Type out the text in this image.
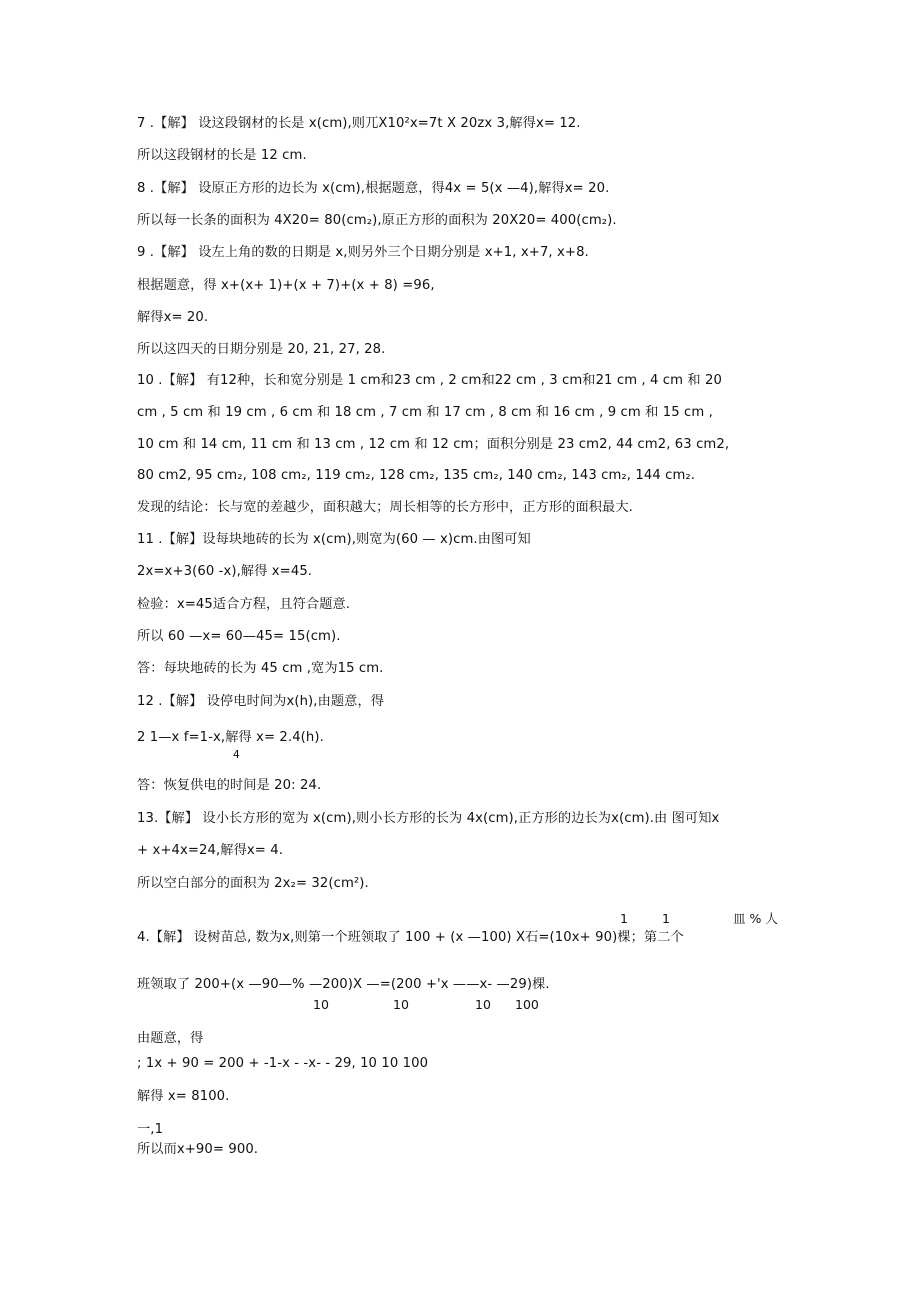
7 .【解】 设这段钢材的长是 x(cm),则兀X10²x=7t X 20zx 3,解得x= 12.
所以这段钢材的长是 12 cm.
8 .【解】 设原正方形的边长为 x(cm),根据题意，得4x = 5(x —4),解得x= 20.
所以每一长条的面积为 4X20= 80(cm₂),原正方形的面积为 20X20= 400(cm₂).
9 .【解】 设左上角的数的日期是 x,则另外三个日期分别是 x+1, x+7, x+8.
根据题意，得 x+(x+ 1)+(x + 7)+(x + 8) =96,
解得x= 20.
所以这四天的日期分别是 20, 21, 27, 28.
10 .【解】 有12种，长和宽分别是 1 cm和23 cm , 2 cm和22 cm , 3 cm和21 cm , 4 cm 和 20
cm , 5 cm 和 19 cm , 6 cm 和 18 cm , 7 cm 和 17 cm , 8 cm 和 16 cm , 9 cm 和 15 cm ,
10 cm 和 14 cm, 11 cm 和 13 cm , 12 cm 和 12 cm；面积分别是 23 cm2, 44 cm2, 63 cm2,
80 cm2, 95 cm₂, 108 cm₂, 119 cm₂, 128 cm₂, 135 cm₂, 140 cm₂, 143 cm₂, 144 cm₂.
发现的结论：长与宽的差越少，面积越大；周长相等的长方形中，正方形的面积最大.
11 .【解】设每块地砖的长为 x(cm),则宽为(60 — x)cm.由图可知
2x=x+3(60 -x),解得 x=45.
检验：x=45适合方程，且符合题意.
所以 60 —x= 60—45= 15(cm).
答：每块地砖的长为 45 cm ,宽为15 cm.
12 .【解】 设停电时间为x(h),由题意，得
2 1—x f=1-x,解得 x= 2.4(h).
4
答：恢复供电的时间是 20: 24.
13.【解】 设小长方形的宽为 x(cm),则小长方形的长为 4x(cm),正方形的边长为x(cm).由 图可知x
+ x+4x=24,解得x= 4.
所以空白部分的面积为 2x₂= 32(cm²).
1	1	皿 % 人
4.【解】 设树苗总, 数为x,则第一个班领取了 100 + (x —100) X石=(10x+ 90)棵；第二个
班领取了 200+(x —90—% —200)X —=(200 +'x ——x- —29)棵.
10	10	10 100
由题意，得
; 1x + 90 = 200 + -1-x - -x- - 29, 10 10 100
解得 x= 8100.
一,1
所以而x+90= 900.
